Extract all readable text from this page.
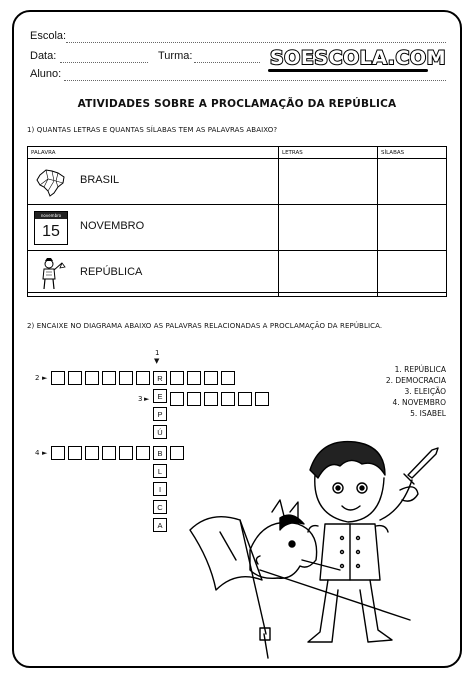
Escola:
Data:	Turma:
Aluno:
SOESCOLA.COM
ATIVIDADES SOBRE A PROCLAMAÇÃO DA REPÚBLICA
1) QUANTAS LETRAS E QUANTAS SÍLABAS TEM AS PALAVRAS ABAIXO?
PALAVRA	LETRAS	SÍLABAS

BRASIL		

novembro
15 NOVEMBRO		

REPÚBLICA		

2) ENCAIXE NO DIAGRAMA ABAIXO AS PALAVRAS RELACIONADAS A PROCLAMAÇÃO DA REPÚBLICA.
1
▼
2 ►
3 ►
4 ►
R
E
P
Ú
B
L
I
C
A
1. REPÚBLICA
2. DEMOCRACIA
3. ELEIÇÃO
4. NOVEMBRO
5. ISABEL
